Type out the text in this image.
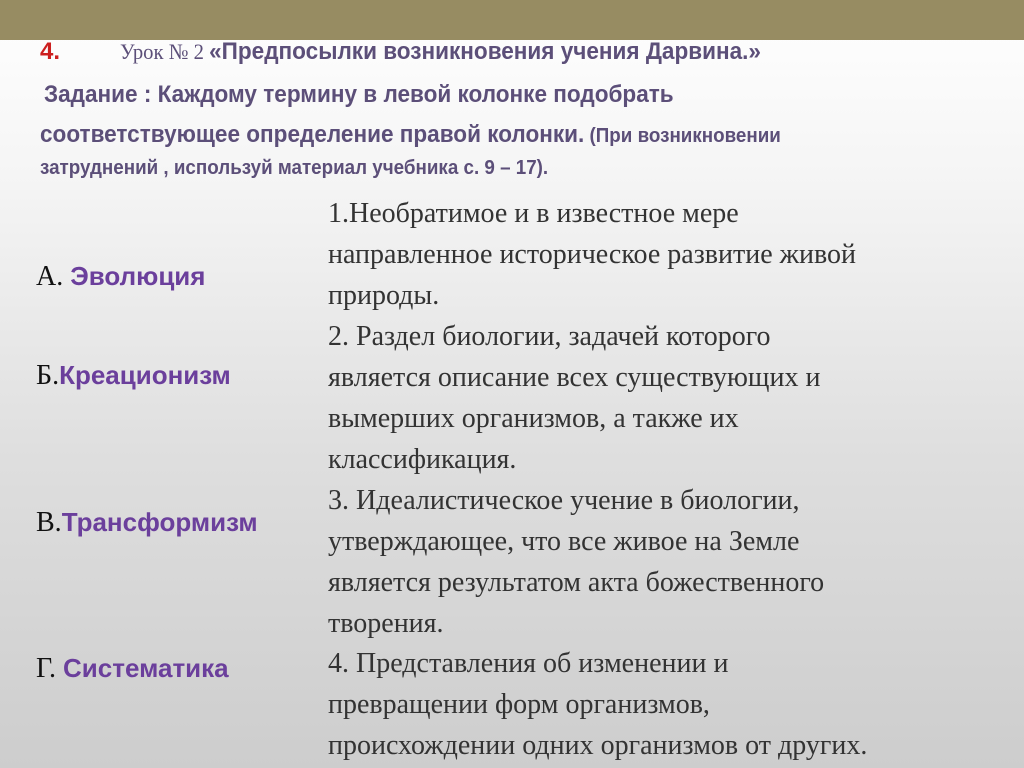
4.	Урок № 2 «Предпосылки возникновения учения Дарвина.»
Задание : Каждому термину в левой колонке подобрать
соответствующее определение правой колонки. (При возникновении
затруднений , используй материал учебника с. 9 – 17).
А. Эволюция
Б.Креационизм
В.Трансформизм
Г. Систематика
1.Необратимое и в известное мере
направленное историческое развитие живой
природы.
2. Раздел биологии, задачей которого
является описание всех существующих и
вымерших организмов, а также их
классификация.
3. Идеалистическое учение в биологии,
утверждающее, что все живое на Земле
является результатом акта божественного
творения.
4. Представления об изменении и
превращении форм организмов,
происхождении одних организмов от других.
